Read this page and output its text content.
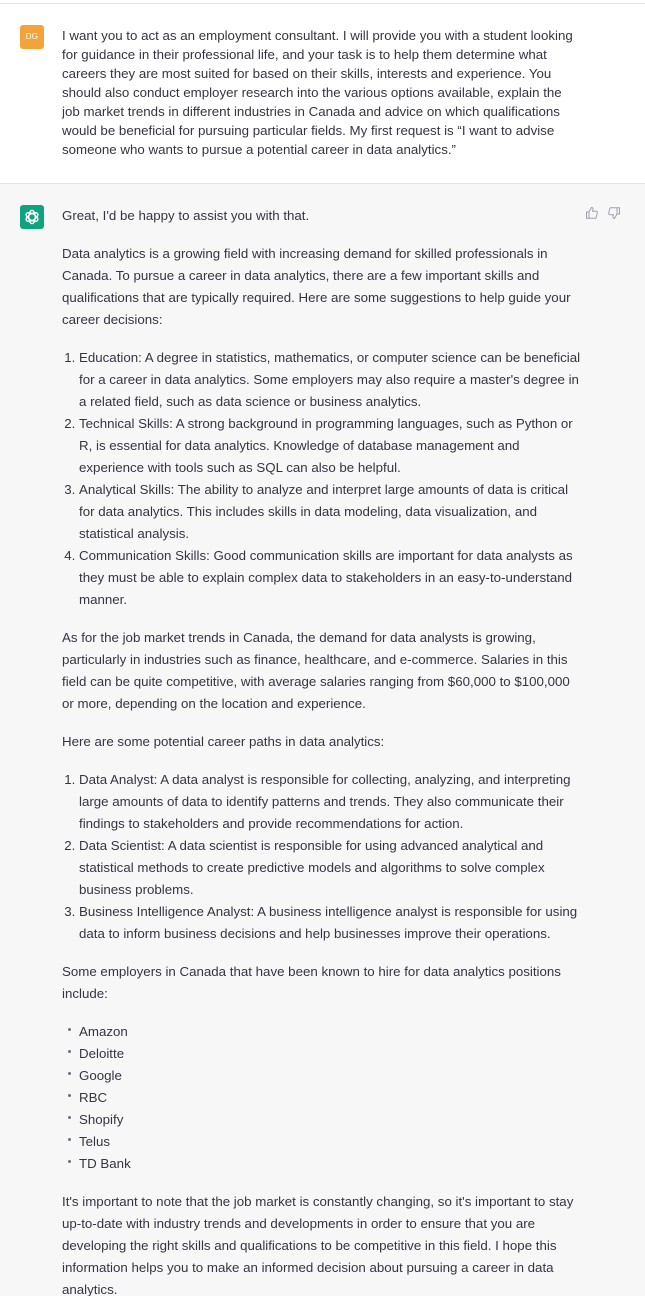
DG	I want you to act as an employment consultant. I will provide you with a student looking for guidance in their professional life, and your task is to help them determine what careers they are most suited for based on their skills, interests and experience. You should also conduct employer research into the various options available, explain the job market trends in different industries in Canada and advice on which qualifications would be beneficial for pursuing particular fields. My first request is “I want to advise someone who wants to pursue a potential career in data analytics.”

Great, I'd be happy to assist you with that.

Data analytics is a growing field with increasing demand for skilled professionals in Canada. To pursue a career in data analytics, there are a few important skills and qualifications that are typically required. Here are some suggestions to help guide your career decisions:

1. Education: A degree in statistics, mathematics, or computer science can be beneficial for a career in data analytics. Some employers may also require a master's degree in a related field, such as data science or business analytics.
2. Technical Skills: A strong background in programming languages, such as Python or R, is essential for data analytics. Knowledge of database management and experience with tools such as SQL can also be helpful.
3. Analytical Skills: The ability to analyze and interpret large amounts of data is critical for data analytics. This includes skills in data modeling, data visualization, and statistical analysis.
4. Communication Skills: Good communication skills are important for data analysts as they must be able to explain complex data to stakeholders in an easy-to-understand manner.

As for the job market trends in Canada, the demand for data analysts is growing, particularly in industries such as finance, healthcare, and e-commerce. Salaries in this field can be quite competitive, with average salaries ranging from $60,000 to $100,000 or more, depending on the location and experience.

Here are some potential career paths in data analytics:

1. Data Analyst: A data analyst is responsible for collecting, analyzing, and interpreting large amounts of data to identify patterns and trends. They also communicate their findings to stakeholders and provide recommendations for action.
2. Data Scientist: A data scientist is responsible for using advanced analytical and statistical methods to create predictive models and algorithms to solve complex business problems.
3. Business Intelligence Analyst: A business intelligence analyst is responsible for using data to inform business decisions and help businesses improve their operations.

Some employers in Canada that have been known to hire for data analytics positions include:

Amazon
Deloitte
Google
RBC
Shopify
Telus
TD Bank

It's important to note that the job market is constantly changing, so it's important to stay up-to-date with industry trends and developments in order to ensure that you are developing the right skills and qualifications to be competitive in this field. I hope this information helps you to make an informed decision about pursuing a career in data analytics.
